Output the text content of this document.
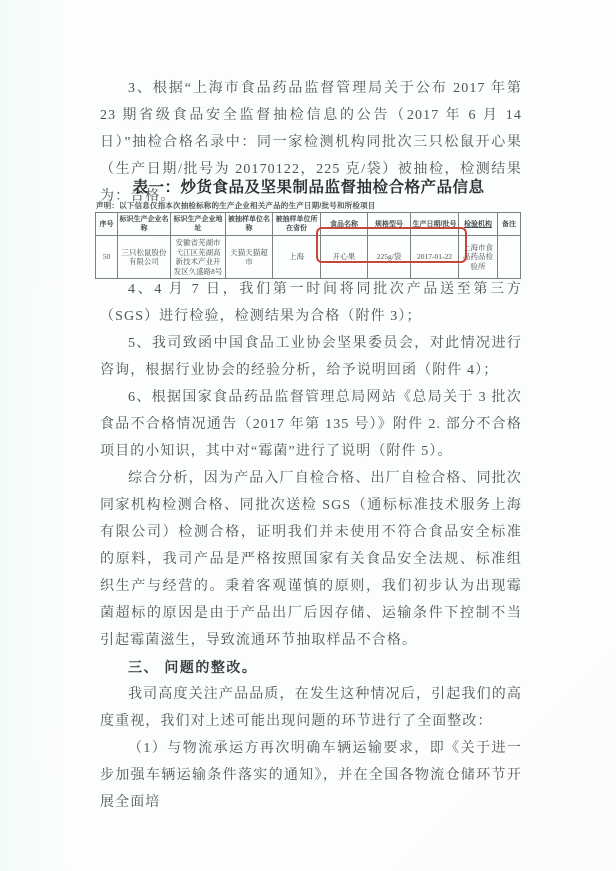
3、根据“上海市食品药品监督管理局关于公布 2017 年第 23 期省级食品安全监督抽检信息的公告（2017 年 6 月 14 日）”抽检合格名录中：同一家检测机构同批次三只松鼠开心果（生产日期/批号为 20170122，225 克/袋）被抽检，检测结果为：合格。

表一：炒货食品及坚果制品监督抽检合格产品信息
声明：以下信息仅指本次抽检标称的生产企业相关产品的生产日期/批号和所检项目
序号	标识生产企业名称	标识生产企业地址	被抽样单位名称	被抽样单位所在省份	食品名称	规格型号	生产日期/批号	检验机构	备注
50	三只松鼠股份有限公司	安徽省芜湖市弋江区芜湖高新技术产业开发区久盛路8号	天猫天猫超市	上海	开心果	225g/袋	2017-01-22	上海市食品药品检验所	

4、4 月 7 日，我们第一时间将同批次产品送至第三方（SGS）进行检验，检测结果为合格（附件 3）；

5、我司致函中国食品工业协会坚果委员会，对此情况进行咨询，根据行业协会的经验分析，给予说明回函（附件 4）；

6、根据国家食品药品监督管理总局网站《总局关于 3 批次食品不合格情况通告（2017 年第 135 号）》附件 2. 部分不合格项目的小知识，其中对“霉菌”进行了说明（附件 5）。

综合分析，因为产品入厂自检合格、出厂自检合格、同批次同家机构检测合格、同批次送检 SGS（通标标准技术服务上海有限公司）检测合格，证明我们并未使用不符合食品安全标准的原料，我司产品是严格按照国家有关食品安全法规、标准组织生产与经营的。秉着客观谨慎的原则，我们初步认为出现霉菌超标的原因是由于产品出厂后因存储、运输条件下控制不当引起霉菌滋生，导致流通环节抽取样品不合格。

三、 问题的整改。

我司高度关注产品品质，在发生这种情况后，引起我们的高度重视，我们对上述可能出现问题的环节进行了全面整改：

（1）与物流承运方再次明确车辆运输要求，即《关于进一步加强车辆运输条件落实的通知》，并在全国各物流仓储环节开展全面培
